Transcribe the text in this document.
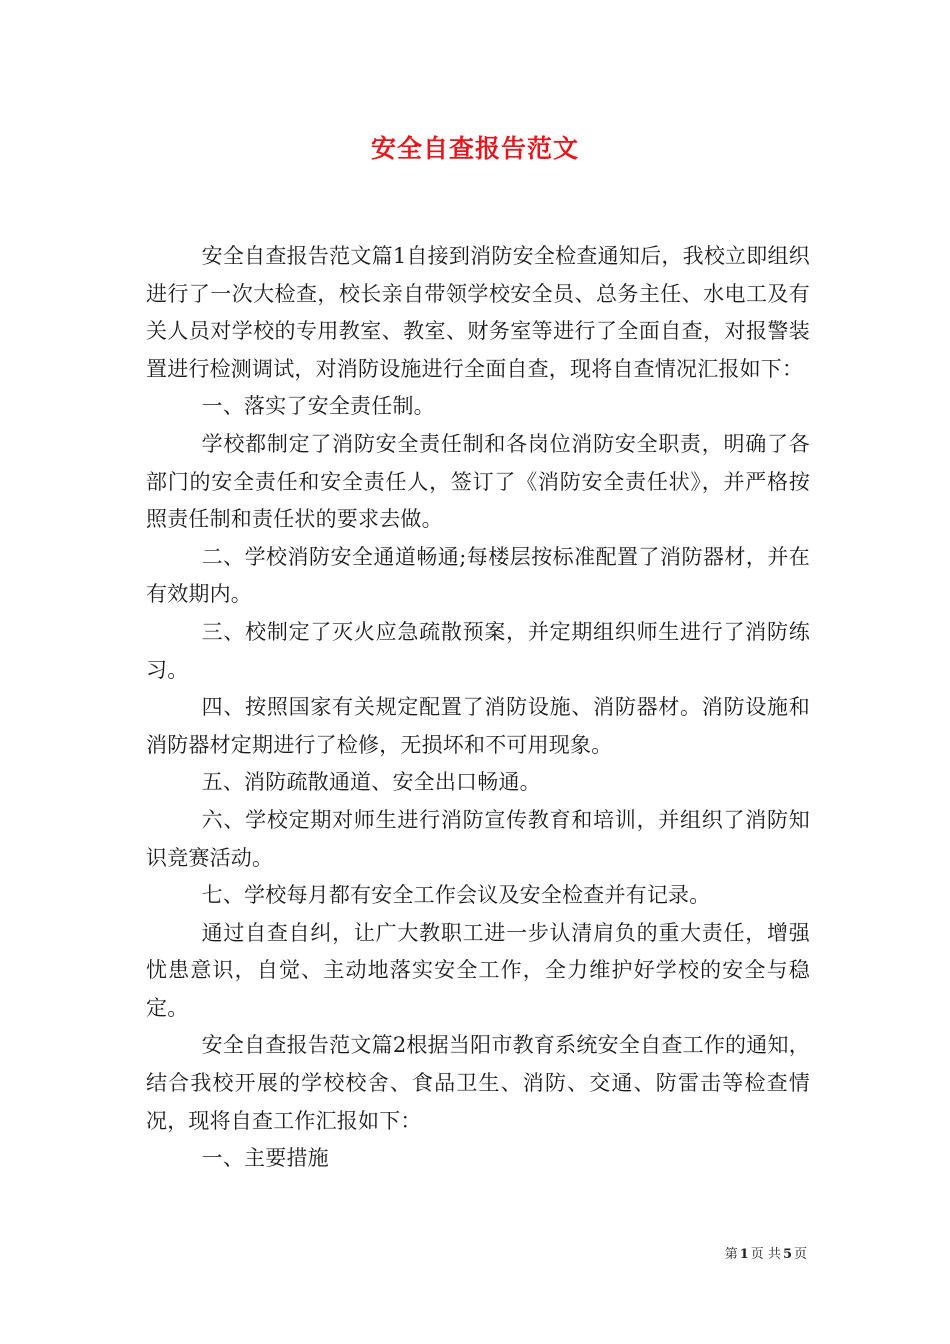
安全自查报告范文

安全自查报告范文篇1自接到消防安全检查通知后，我校立即组织进行了一次大检查，校长亲自带领学校安全员、总务主任、水电工及有关人员对学校的专用教室、教室、财务室等进行了全面自查，对报警装置进行检测调试，对消防设施进行全面自查，现将自查情况汇报如下：

一、落实了安全责任制。

学校都制定了消防安全责任制和各岗位消防安全职责，明确了各部门的安全责任和安全责任人，签订了《消防安全责任状》，并严格按照责任制和责任状的要求去做。

二、学校消防安全通道畅通;每楼层按标准配置了消防器材，并在有效期内。

三、校制定了灭火应急疏散预案，并定期组织师生进行了消防练习。

四、按照国家有关规定配置了消防设施、消防器材。消防设施和消防器材定期进行了检修，无损坏和不可用现象。

五、消防疏散通道、安全出口畅通。

六、学校定期对师生进行消防宣传教育和培训，并组织了消防知识竞赛活动。

七、学校每月都有安全工作会议及安全检查并有记录。

通过自查自纠，让广大教职工进一步认清肩负的重大责任，增强忧患意识，自觉、主动地落实安全工作，全力维护好学校的安全与稳定。

安全自查报告范文篇2根据当阳市教育系统安全自查工作的通知，结合我校开展的学校校舍、食品卫生、消防、交通、防雷击等检查情况，现将自查工作汇报如下：

一、主要措施

第 1 页 共 5 页
